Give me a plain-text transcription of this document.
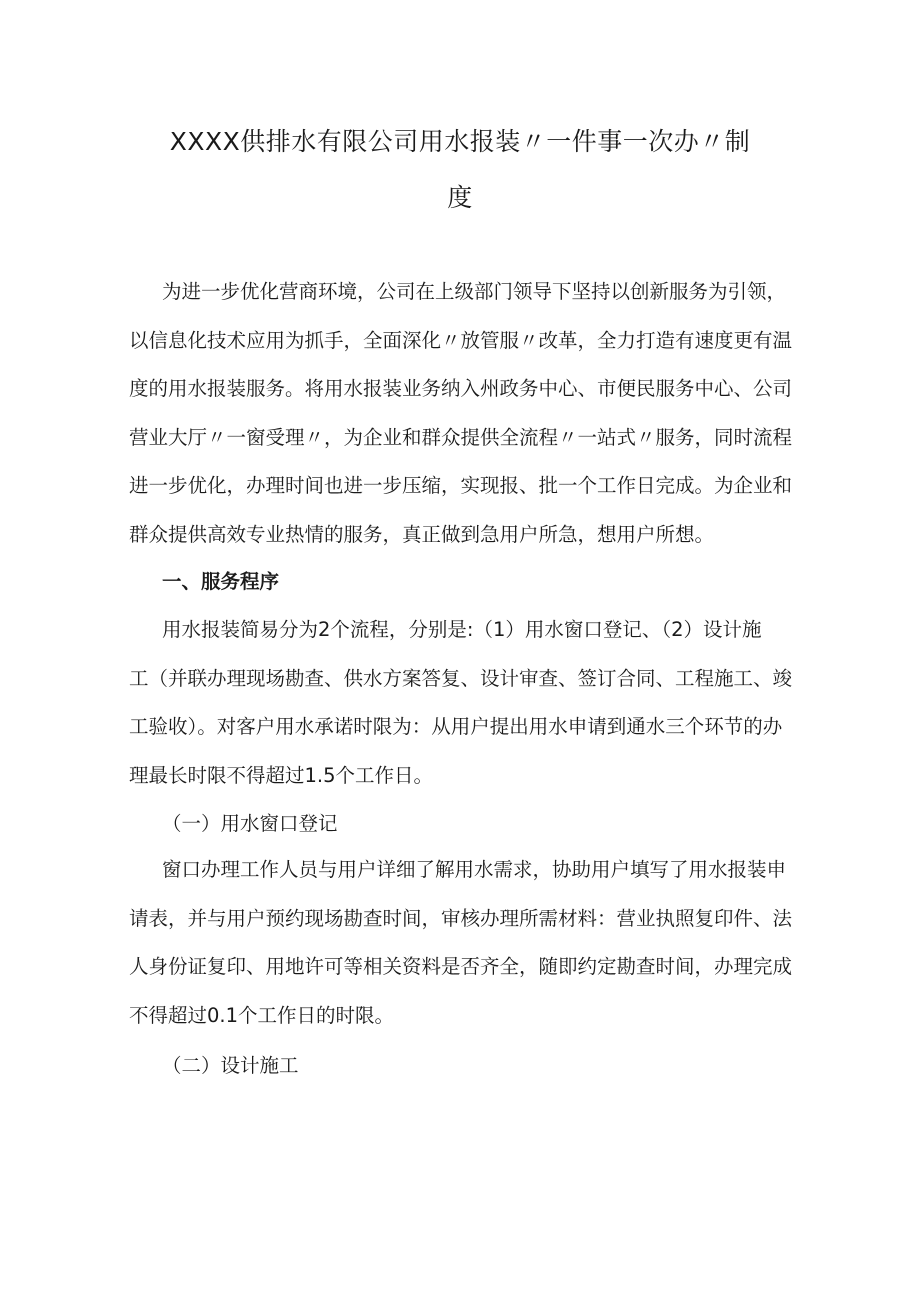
XXXX供排水有限公司用水报装〃一件事一次办〃制
度
为进一步优化营商环境，公司在上级部门领导下坚持以创新服务为引领，
以信息化技术应用为抓手，全面深化〃放管服〃改革，全力打造有速度更有温
度的用水报装服务。将用水报装业务纳入州政务中心、市便民服务中心、公司
营业大厅〃一窗受理〃，为企业和群众提供全流程〃一站式〃服务，同时流程
进一步优化，办理时间也进一步压缩，实现报、批一个工作日完成。为企业和
群众提供高效专业热情的服务，真正做到急用户所急，想用户所想。

一、服务程序

用水报装简易分为2个流程，分别是:（1）用水窗口登记、（2）设计施
工（并联办理现场勘查、供水方案答复、设计审查、签订合同、工程施工、竣
工验收）。对客户用水承诺时限为：从用户提出用水申请到通水三个环节的办
理最长时限不得超过1.5个工作日。

（一）用水窗口登记

窗口办理工作人员与用户详细了解用水需求，协助用户填写了用水报装申
请表，并与用户预约现场勘查时间，审核办理所需材料：营业执照复印件、法
人身份证复印、用地许可等相关资料是否齐全，随即约定勘查时间，办理完成
不得超过0.1个工作日的时限。

（二）设计施工
